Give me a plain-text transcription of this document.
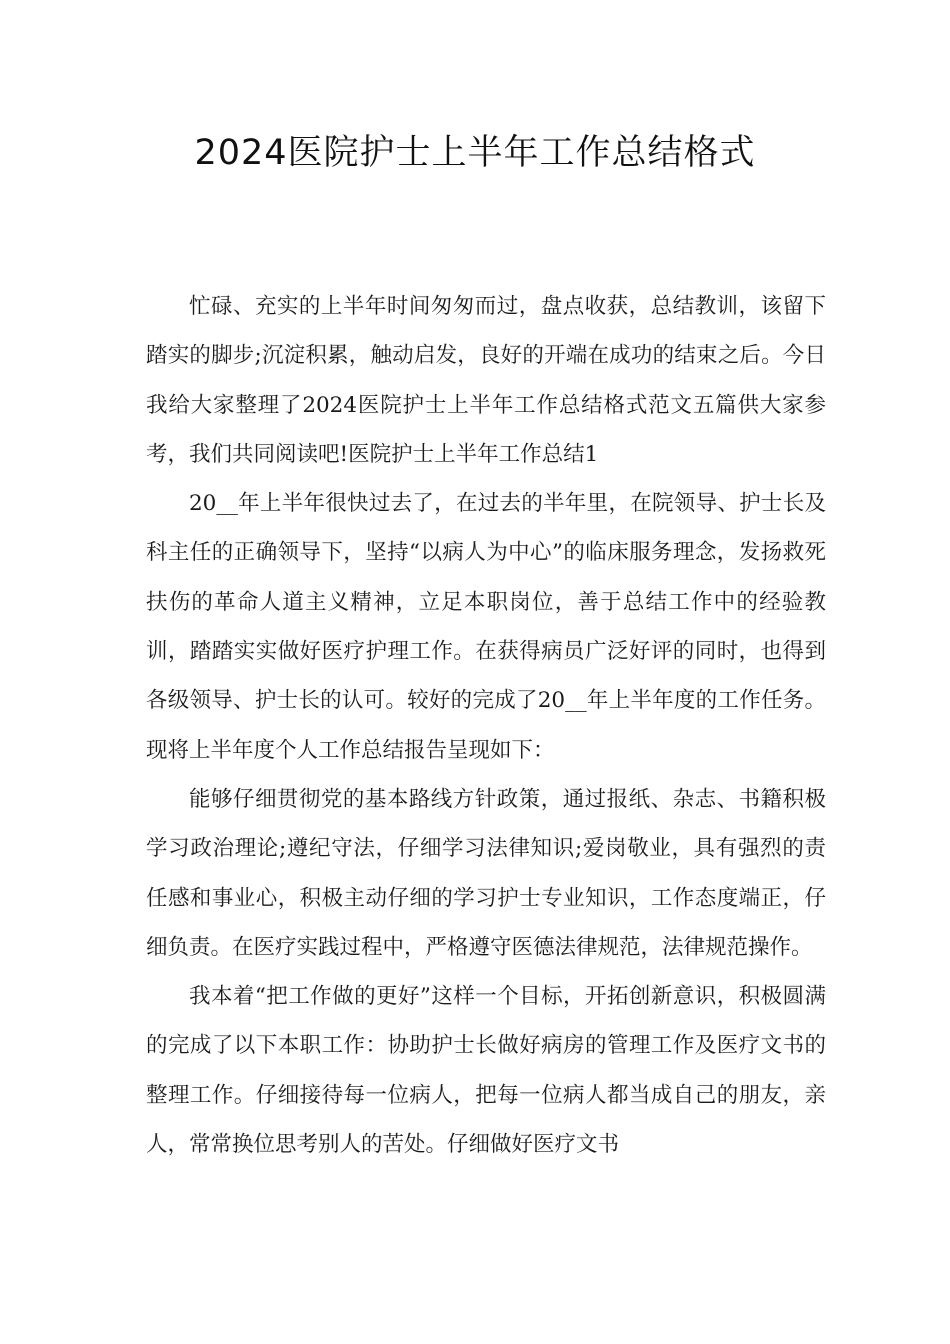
2024医院护士上半年工作总结格式

忙碌、充实的上半年时间匆匆而过，盘点收获，总结教训，该留下踏实的脚步;沉淀积累，触动启发，良好的开端在成功的结束之后。今日我给大家整理了2024医院护士上半年工作总结格式范文五篇供大家参考，我们共同阅读吧!医院护士上半年工作总结1

20__年上半年很快过去了，在过去的半年里，在院领导、护士长及科主任的正确领导下，坚持“以病人为中心”的临床服务理念，发扬救死扶伤的革命人道主义精神，立足本职岗位，善于总结工作中的经验教训，踏踏实实做好医疗护理工作。在获得病员广泛好评的同时，也得到各级领导、护士长的认可。较好的完成了20__年上半年度的工作任务。现将上半年度个人工作总结报告呈现如下：

能够仔细贯彻党的基本路线方针政策，通过报纸、杂志、书籍积极学习政治理论;遵纪守法，仔细学习法律知识;爱岗敬业，具有强烈的责任感和事业心，积极主动仔细的学习护士专业知识，工作态度端正，仔细负责。在医疗实践过程中，严格遵守医德法律规范，法律规范操作。

我本着“把工作做的更好”这样一个目标，开拓创新意识，积极圆满的完成了以下本职工作：协助护士长做好病房的管理工作及医疗文书的整理工作。仔细接待每一位病人，把每一位病人都当成自己的朋友，亲人，常常换位思考别人的苦处。仔细做好医疗文书
